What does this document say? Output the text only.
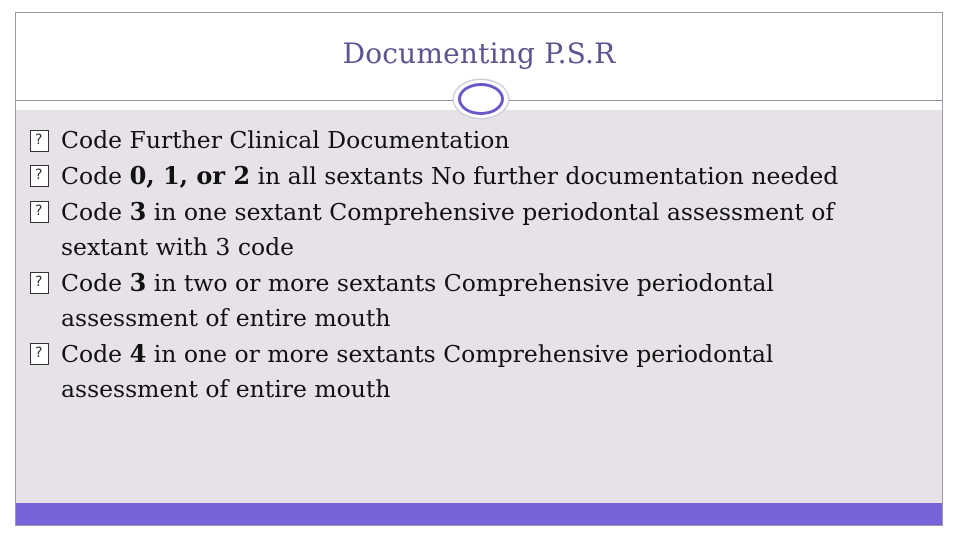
Documenting P.S.R
?
Code Further Clinical Documentation
?
Code 0, 1, or 2 in all sextants No further documentation needed
?
Code 3 in one sextant Comprehensive periodontal assessment of
sextant with 3 code
?
Code 3 in two or more sextants Comprehensive periodontal
assessment of entire mouth
?
Code 4 in one or more sextants Comprehensive periodontal
assessment of entire mouth
